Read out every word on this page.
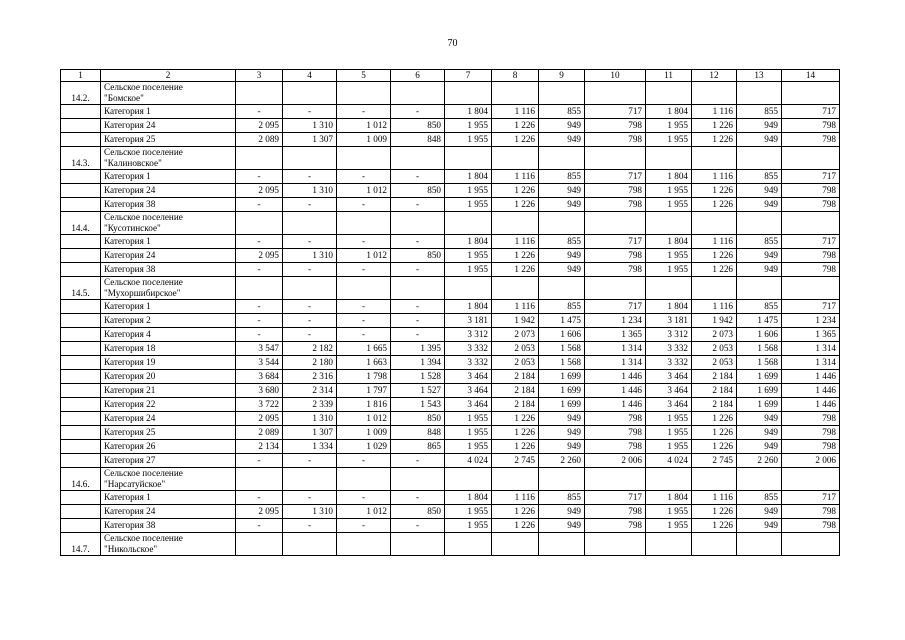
70
1	2	3	4	5	6	7	8	9	10	11	12	13	14
14.2.	Сельское поселение
"Бомское"												

	Категория 1	-	-	-	-	1 804	1 116	855	717	1 804	1 116	855	717
	Категория 24	2 095	1 310	1 012	850	1 955	1 226	949	798	1 955	1 226	949	798
	Категория 25	2 089	1 307	1 009	848	1 955	1 226	949	798	1 955	1 226	949	798
14.3.	Сельское поселение
"Калиновское"												

	Категория 1	-	-	-	-	1 804	1 116	855	717	1 804	1 116	855	717
	Категория 24	2 095	1 310	1 012	850	1 955	1 226	949	798	1 955	1 226	949	798
	Категория 38	-	-	-	-	1 955	1 226	949	798	1 955	1 226	949	798
14.4.	Сельское поселение
"Кусотинское"												

	Категория 1	-	-	-	-	1 804	1 116	855	717	1 804	1 116	855	717
	Категория 24	2 095	1 310	1 012	850	1 955	1 226	949	798	1 955	1 226	949	798
	Категория 38	-	-	-	-	1 955	1 226	949	798	1 955	1 226	949	798
14.5.	Сельское поселение
"Мухоршибирское"												

	Категория 1	-	-	-	-	1 804	1 116	855	717	1 804	1 116	855	717
	Категория 2	-	-	-	-	3 181	1 942	1 475	1 234	3 181	1 942	1 475	1 234
	Категория 4	-	-	-	-	3 312	2 073	1 606	1 365	3 312	2 073	1 606	1 365
	Категория 18	3 547	2 182	1 665	1 395	3 332	2 053	1 568	1 314	3 332	2 053	1 568	1 314
	Категория 19	3 544	2 180	1 663	1 394	3 332	2 053	1 568	1 314	3 332	2 053	1 568	1 314
	Категория 20	3 684	2 316	1 798	1 528	3 464	2 184	1 699	1 446	3 464	2 184	1 699	1 446
	Категория 21	3 680	2 314	1 797	1 527	3 464	2 184	1 699	1 446	3 464	2 184	1 699	1 446
	Категория 22	3 722	2 339	1 816	1 543	3 464	2 184	1 699	1 446	3 464	2 184	1 699	1 446
	Категория 24	2 095	1 310	1 012	850	1 955	1 226	949	798	1 955	1 226	949	798
	Категория 25	2 089	1 307	1 009	848	1 955	1 226	949	798	1 955	1 226	949	798
	Категория 26	2 134	1 334	1 029	865	1 955	1 226	949	798	1 955	1 226	949	798
	Категория 27	-	-	-	-	4 024	2 745	2 260	2 006	4 024	2 745	2 260	2 006
14.6.	Сельское поселение
"Нарсатуйское"												

	Категория 1	-	-	-	-	1 804	1 116	855	717	1 804	1 116	855	717
	Категория 24	2 095	1 310	1 012	850	1 955	1 226	949	798	1 955	1 226	949	798
	Категория 38	-	-	-	-	1 955	1 226	949	798	1 955	1 226	949	798
14.7.	Сельское поселение
"Никольское"												
